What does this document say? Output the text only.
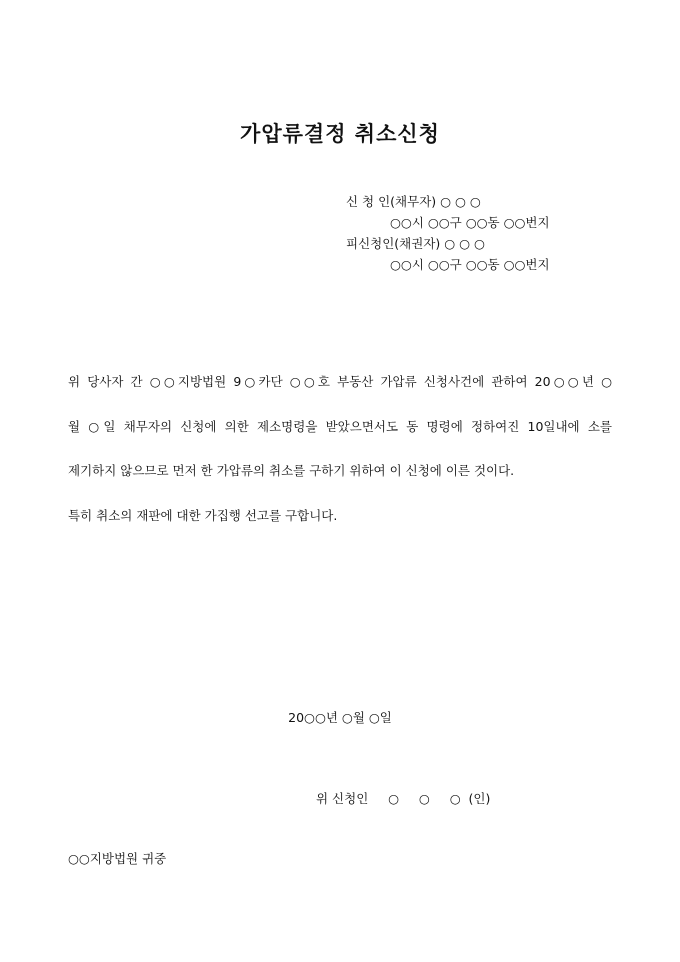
가압류결정 취소신청
신 청 인(채무자) ○ ○ ○
○○시 ○○구 ○○동 ○○번지
피신청인(채권자) ○ ○ ○
○○시 ○○구 ○○동 ○○번지
위 당사자 간 ○○지방법원 9○카단 ○○호 부동산 가압류 신청사건에 관하여 20○○년 ○
월 ○일 채무자의 신청에 의한 제소명령을 받았으면서도 동 명령에 정하여진 10일내에 소를
제기하지 않으므로 먼저 한 가압류의 취소를 구하기 위하여 이 신청에 이른 것이다.
특히 취소의 재판에 대한 가집행 선고를 구합니다.
20○○년 ○월 ○일
위 신청인     ○     ○     ○  (인)
○○지방법원 귀중
